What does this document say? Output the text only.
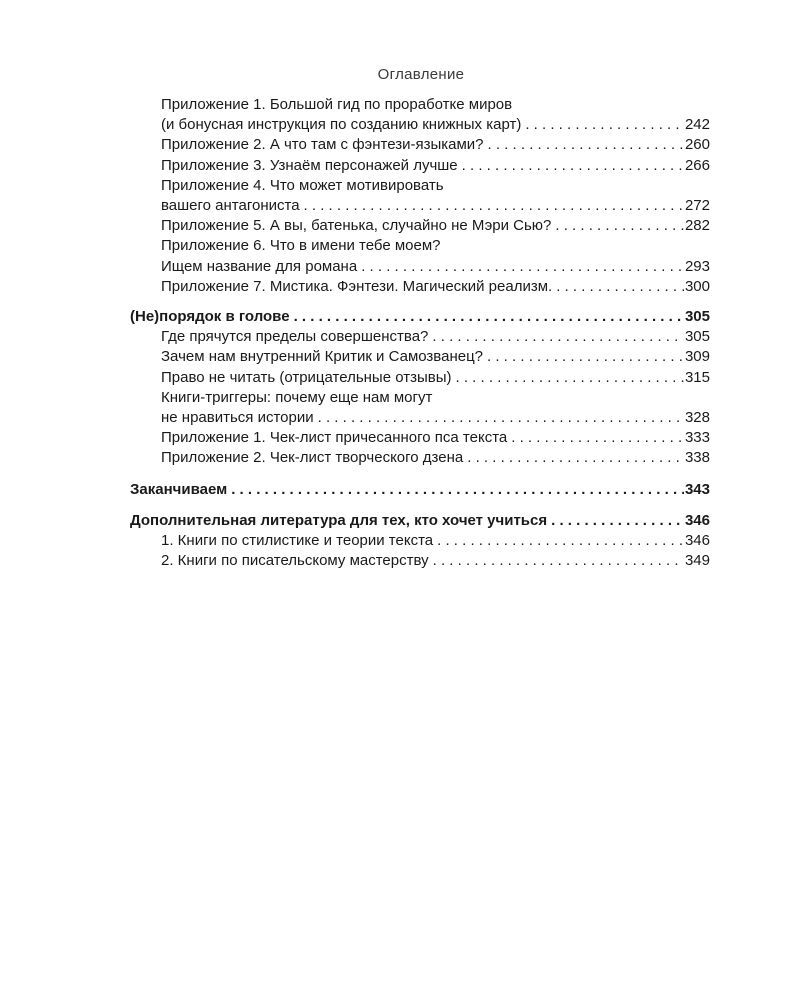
Оглавление
Приложение 1. Большой гид по проработке миров
(и бонусная инструкция по созданию книжных карт) . . .	242
Приложение 2. А что там с фэнтези-языками? . . .	260
Приложение 3. Узнаём персонажей лучше . . .	266
Приложение 4. Что может мотивировать
вашего антагониста . . .	272
Приложение 5. А вы, батенька, случайно не Мэри Сью? . . .	282
Приложение 6. Что в имени тебе моем?
Ищем название для романа . . .	293
Приложение 7. Мистика. Фэнтези. Магический реализм. . . .	300
(Не)порядок в голове . . .	305
Где прячутся пределы совершенства? . . .	305
Зачем нам внутренний Критик и Самозванец? . . .	309
Право не читать (отрицательные отзывы) . . .	315
Книги-триггеры: почему еще нам могут
не нравиться истории . . .	328
Приложение 1. Чек-лист причесанного пса текста . . .	333
Приложение 2. Чек-лист творческого дзена . . .	338
Заканчиваем . . .	343
Дополнительная литература для тех, кто хочет учиться . . .	346
1. Книги по стилистике и теории текста . . .	346
2. Книги по писательскому мастерству . . .	349
